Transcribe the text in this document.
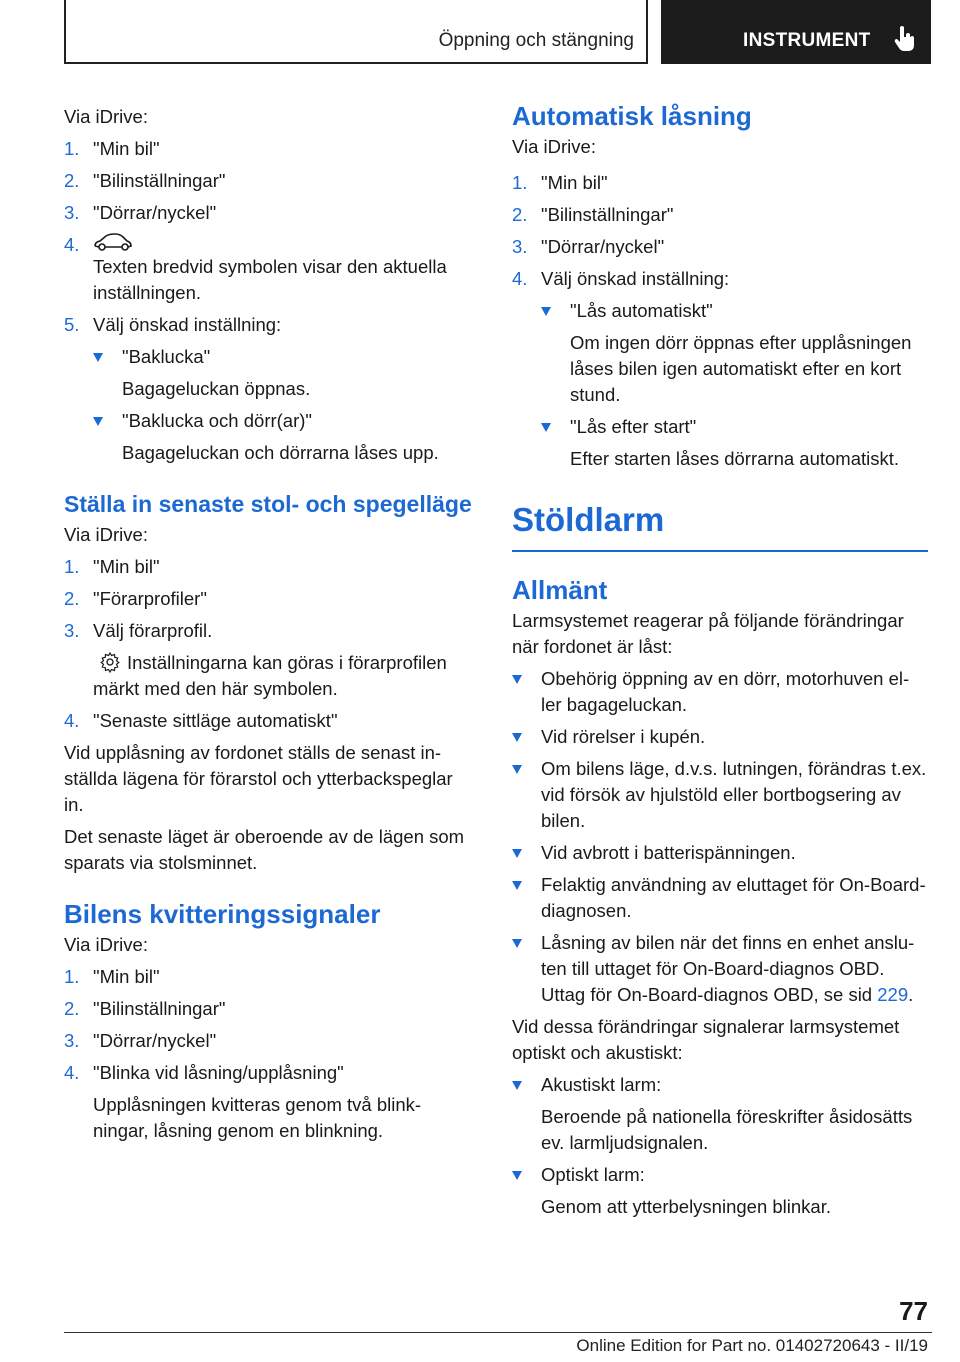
Öppning och stängning	INSTRUMENT

Via iDrive:

1. "Min bil"
2. "Bilinställningar"
3. "Dörrar/nyckel"
4.
Texten bredvid symbolen visar den aktuella inställningen.
5. Välj önskad inställning:
"Baklucka"
Bagageluckan öppnas.
"Baklucka och dörr(ar)"
Bagageluckan och dörrarna låses upp.
Ställa in senaste stol- och spegelläge

Via iDrive:

1. "Min bil"
2. "Förarprofiler"
3. Välj förarprofil.
Inställningarna kan göras i förarprofilen märkt med den här symbolen.
4. "Senaste sittläge automatiskt"

Vid upplåsning av fordonet ställs de senast in-ställda lägena för förarstol och ytterbackspeglar in.

Det senaste läget är oberoende av de lägen som sparats via stolsminnet.

Bilens kvitteringssignaler

Via iDrive:

1. "Min bil"
2. "Bilinställningar"
3. "Dörrar/nyckel"
4. "Blinka vid låsning/upplåsning"
Upplåsningen kvitteras genom två blink-ningar, låsning genom en blinkning.
Automatisk låsning

Via iDrive:

1. "Min bil"
2. "Bilinställningar"
3. "Dörrar/nyckel"
4. Välj önskad inställning:
"Lås automatiskt"
Om ingen dörr öppnas efter upplåsningen låses bilen igen automatiskt efter en kort stund.
"Lås efter start"
Efter starten låses dörrarna automatiskt.
Stöldlarm
Allmänt

Larmsystemet reagerar på följande förändringar när fordonet är låst:

Obehörig öppning av en dörr, motorhuven el-ler bagageluckan.
Vid rörelser i kupén.
Om bilens läge, d.v.s. lutningen, förändras t.ex. vid försök av hjulstöld eller bortbogsering av bilen.
Vid avbrott i batterispänningen.
Felaktig användning av eluttaget för On-Board-diagnosen.
Låsning av bilen när det finns en enhet anslu-ten till uttaget för On-Board-diagnos OBD. Uttag för On-Board-diagnos OBD, se sid 229.

Vid dessa förändringar signalerar larmsystemet optiskt och akustiskt:

Akustiskt larm:
Beroende på nationella föreskrifter åsidosätts ev. larmljudsignalen.
Optiskt larm:
Genom att ytterbelysningen blinkar.
77
Online Edition for Part no. 01402720643 - II/19
